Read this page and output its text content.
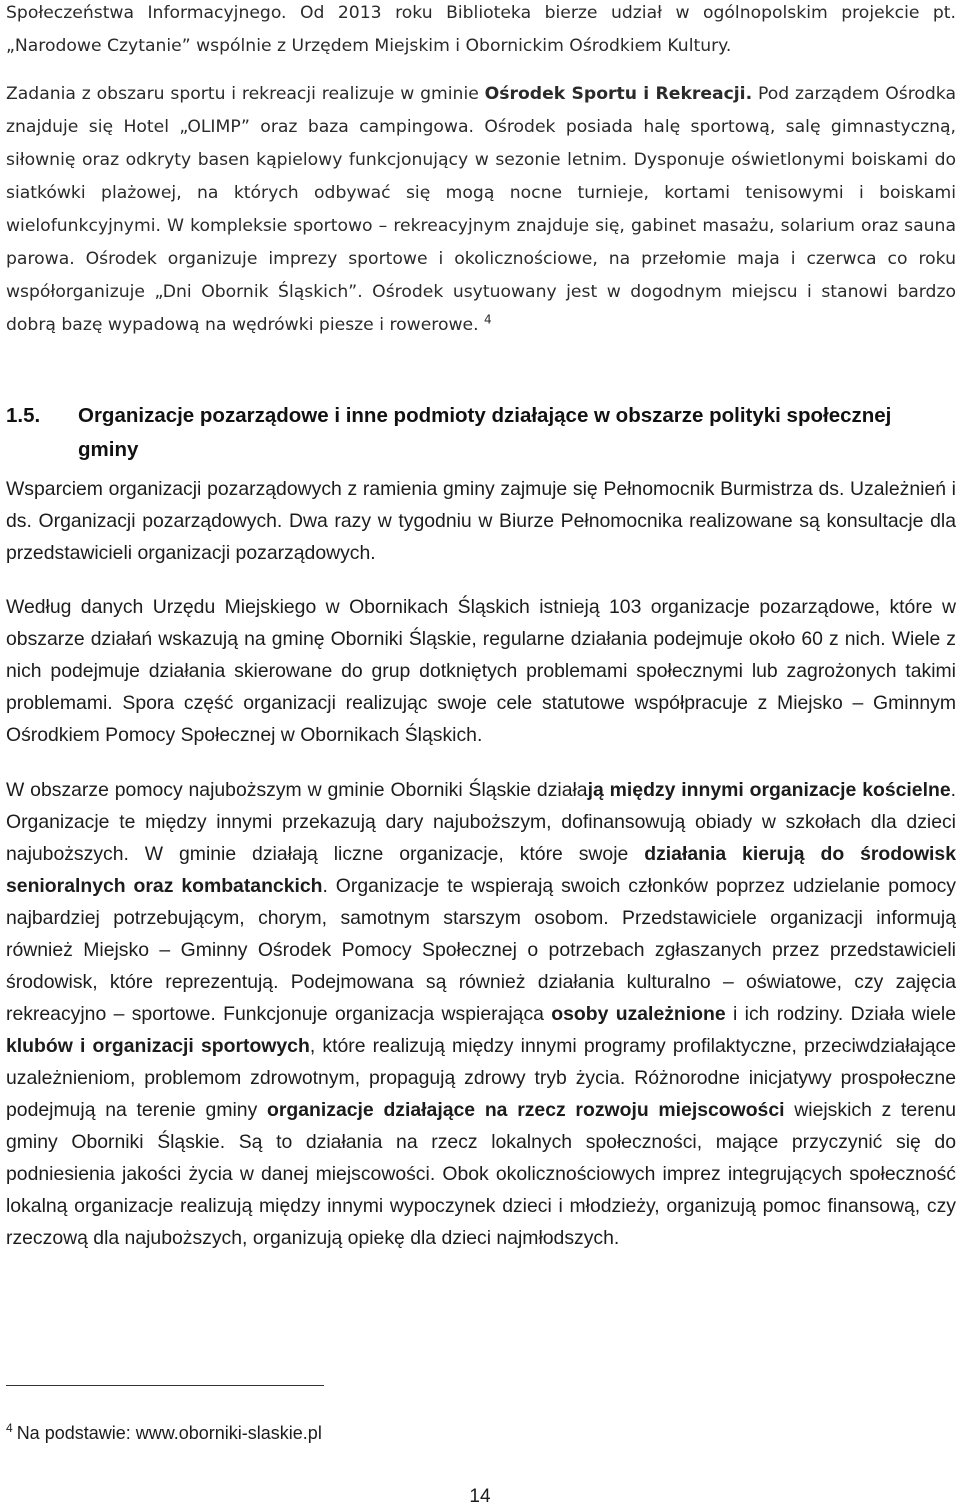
Społeczeństwa Informacyjnego. Od 2013 roku Biblioteka bierze udział w ogólnopolskim projekcie pt. „Narodowe Czytanie” wspólnie z Urzędem Miejskim i Obornickim Ośrodkiem Kultury.

Zadania z obszaru sportu i rekreacji realizuje w gminie Ośrodek Sportu i Rekreacji. Pod zarządem Ośrodka znajduje się Hotel „OLIMP” oraz baza campingowa. Ośrodek posiada halę sportową, salę gimnastyczną, siłownię oraz odkryty basen kąpielowy funkcjonujący w sezonie letnim. Dysponuje oświetlonymi boiskami do siatkówki plażowej, na których odbywać się mogą nocne turnieje, kortami tenisowymi i boiskami wielofunkcyjnymi. W kompleksie sportowo – rekreacyjnym znajduje się, gabinet masażu, solarium oraz sauna parowa. Ośrodek organizuje imprezy sportowe i okolicznościowe, na przełomie maja i czerwca co roku współorganizuje „Dni Obornik Śląskich”. Ośrodek usytuowany jest w dogodnym miejscu i stanowi bardzo dobrą bazę wypadową na wędrówki piesze i rowerowe. $^4$

1.5. Organizacje pozarządowe i inne podmioty działające w obszarze polityki społecznej gminy

Wsparciem organizacji pozarządowych z ramienia gminy zajmuje się Pełnomocnik Burmistrza ds. Uzależnień i ds. Organizacji pozarządowych. Dwa razy w tygodniu w Biurze Pełnomocnika realizowane są konsultacje dla przedstawicieli organizacji pozarządowych.

Według danych Urzędu Miejskiego w Obornikach Śląskich istnieją 103 organizacje pozarządowe, które w obszarze działań wskazują na gminę Oborniki Śląskie, regularne działania podejmuje około 60 z nich. Wiele z nich podejmuje działania skierowane do grup dotkniętych problemami społecznymi lub zagrożonych takimi problemami. Spora część organizacji realizując swoje cele statutowe współpracuje z Miejsko – Gminnym Ośrodkiem Pomocy Społecznej w Obornikach Śląskich.

W obszarze pomocy najuboższym w gminie Oborniki Śląskie działają między innymi organizacje kościelne. Organizacje te między innymi przekazują dary najuboższym, dofinansowują obiady w szkołach dla dzieci najuboższych. W gminie działają liczne organizacje, które swoje działania kierują do środowisk senioralnych oraz kombatanckich. Organizacje te wspierają swoich członków poprzez udzielanie pomocy najbardziej potrzebującym, chorym, samotnym starszym osobom. Przedstawiciele organizacji informują również Miejsko – Gminny Ośrodek Pomocy Społecznej o potrzebach zgłaszanych przez przedstawicieli środowisk, które reprezentują. Podejmowana są również działania kulturalno – oświatowe, czy zajęcia rekreacyjno – sportowe. Funkcjonuje organizacja wspierająca osoby uzależnione i ich rodziny. Działa wiele klubów i organizacji sportowych, które realizują między innymi programy profilaktyczne, przeciwdziałające uzależnieniom, problemom zdrowotnym, propagują zdrowy tryb życia. Różnorodne inicjatywy prospołeczne podejmują na terenie gminy organizacje działające na rzecz rozwoju miejscowości wiejskich z terenu gminy Oborniki Śląskie. Są to działania na rzecz lokalnych społeczności, mające przyczynić się do podniesienia jakości życia w danej miejscowości. Obok okolicznościowych imprez integrujących społeczność lokalną organizacje realizują między innymi wypoczynek dzieci i młodzieży, organizują pomoc finansową, czy rzeczową dla najuboższych, organizują opiekę dla dzieci najmłodszych.

$^4$ Na podstawie: www.oborniki-slaskie.pl
14
